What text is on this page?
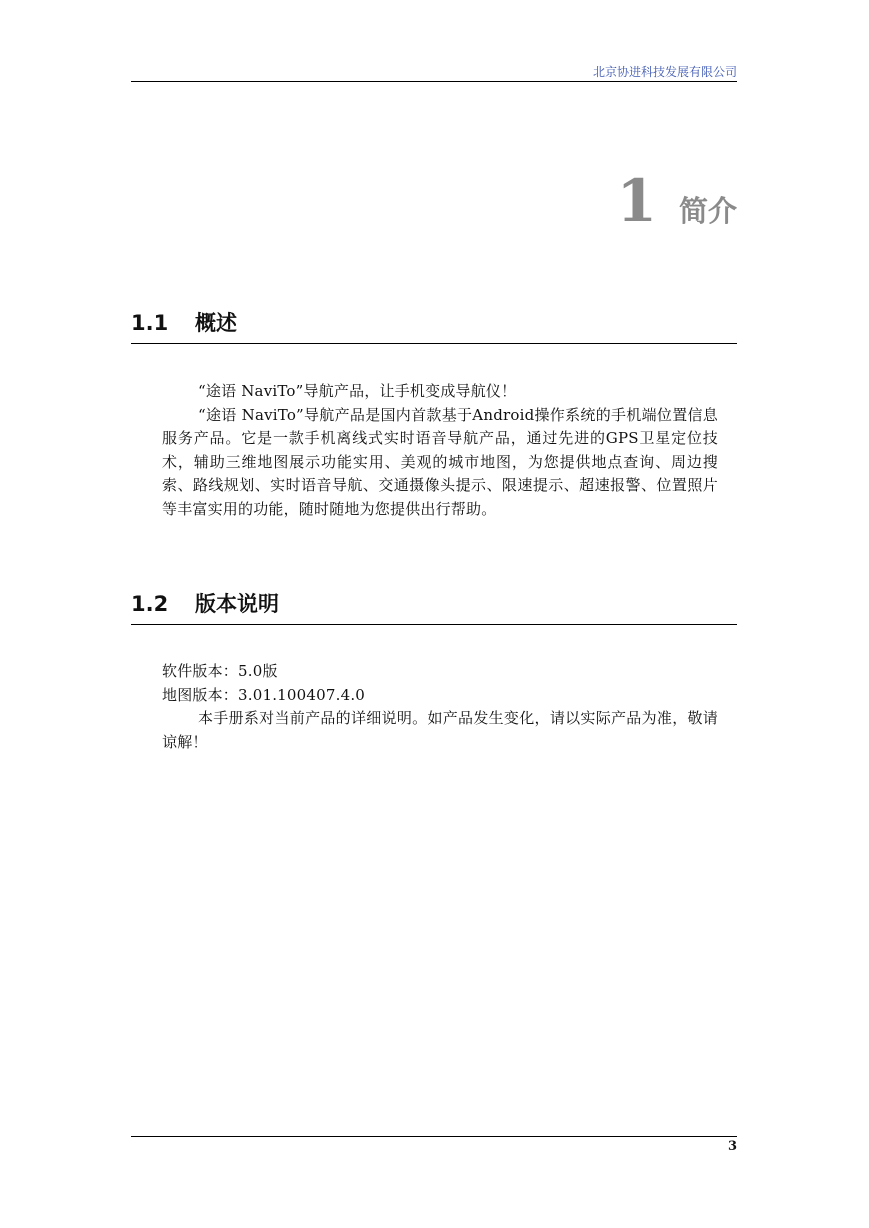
北京协进科技发展有限公司
1 简介
1.1	概述

“途语 NaviTo”导航产品，让手机变成导航仪！

“途语 NaviTo”导航产品是国内首款基于Android操作系统的手机端位置信息服务产品。它是一款手机离线式实时语音导航产品，通过先进的GPS卫星定位技术，辅助三维地图展示功能实用、美观的城市地图，为您提供地点查询、周边搜索、路线规划、实时语音导航、交通摄像头提示、限速提示、超速报警、位置照片等丰富实用的功能，随时随地为您提供出行帮助。

1.2	版本说明

软件版本：5.0版

地图版本：3.01.100407.4.0

本手册系对当前产品的详细说明。如产品发生变化，请以实际产品为准，敬请谅解！

3
